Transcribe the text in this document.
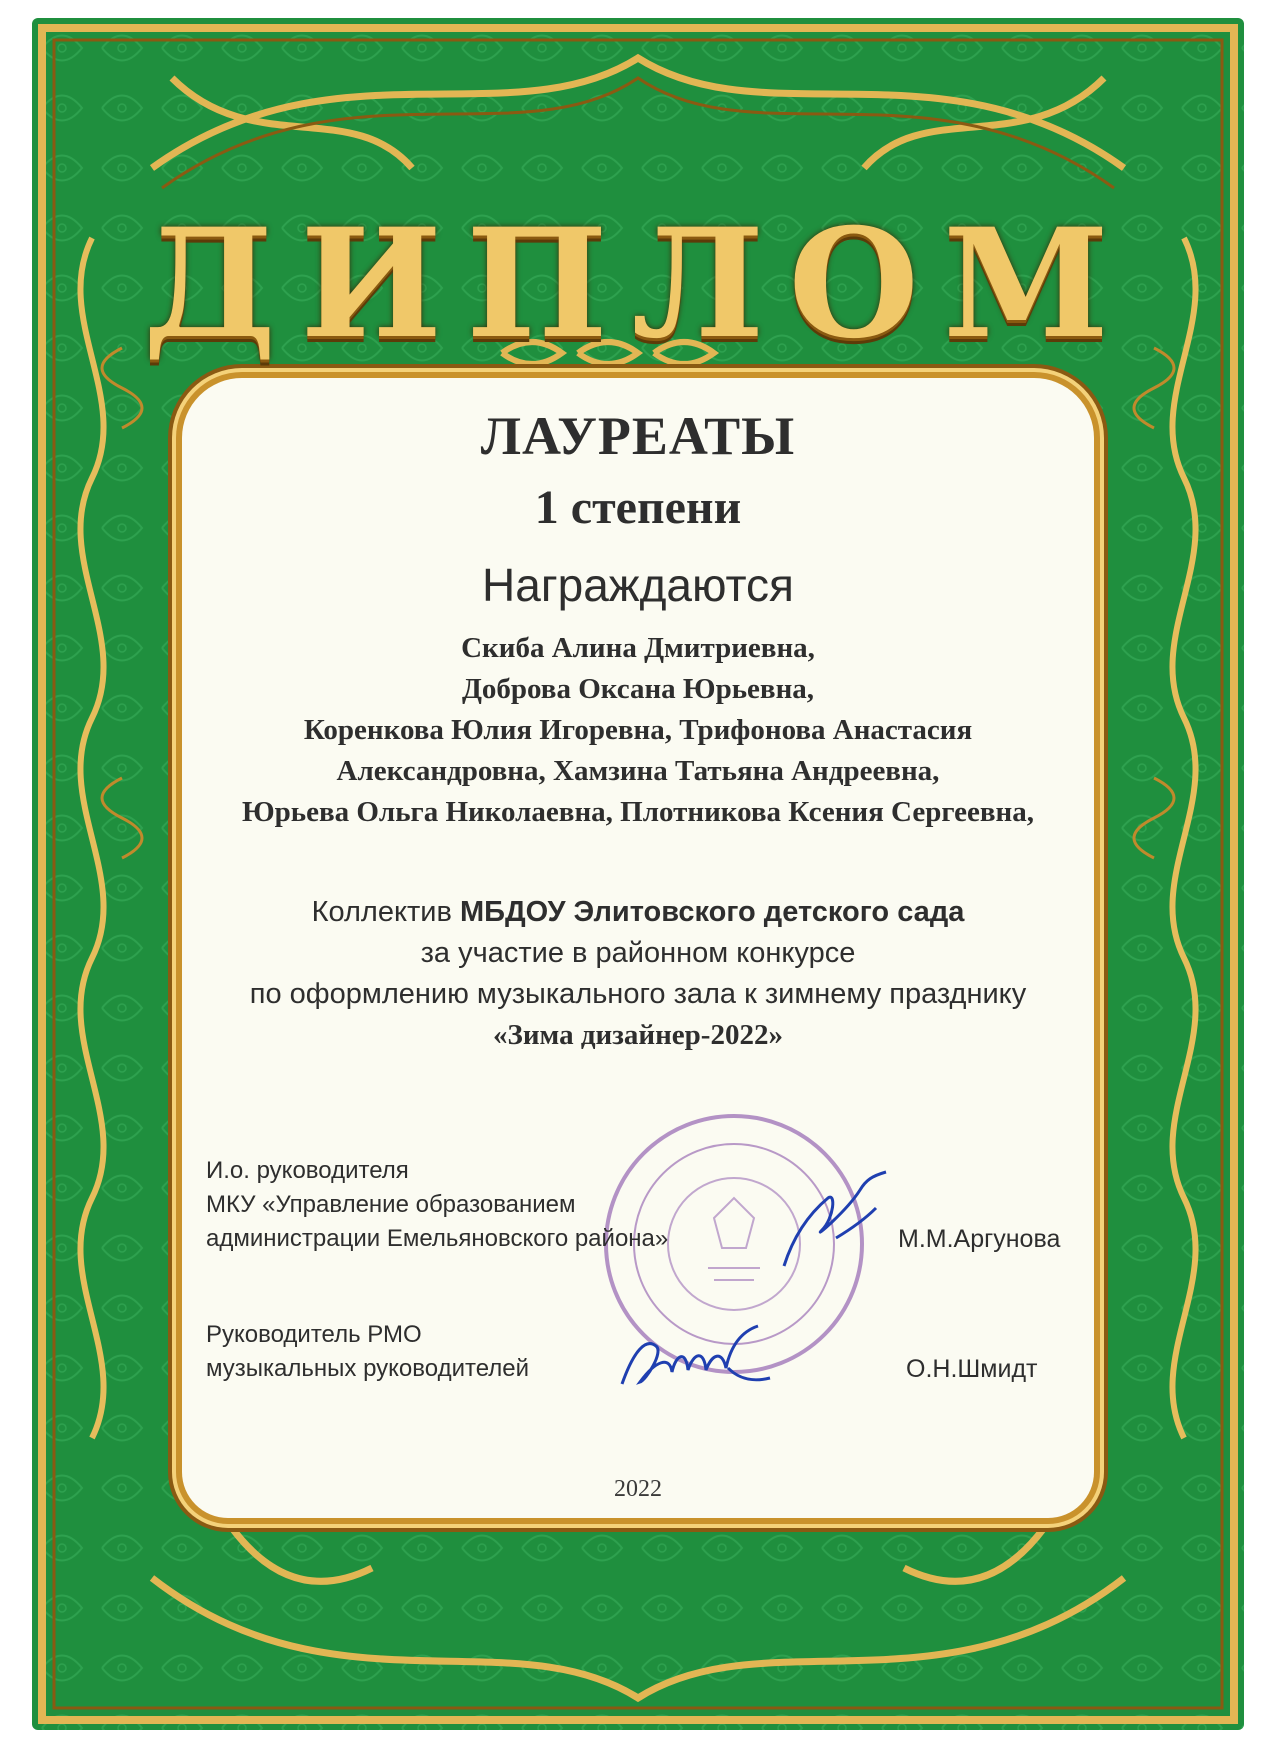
ДИПЛОМ
ЛАУРЕАТЫ
1 степени
Награждаются
Скиба Алина Дмитриевна,
Доброва Оксана Юрьевна,
Коренкова Юлия Игоревна, Трифонова Анастасия
Александровна, Хамзина Татьяна Андреевна,
Юрьева Ольга Николаевна, Плотникова Ксения Сергеевна,
Коллектив МБДОУ Элитовского детского сада
за участие в районном конкурсе
по оформлению музыкального зала к зимнему празднику
«Зима дизайнер-2022»
И.о. руководителя
МКУ «Управление образованием
администрации Емельяновского района»	М.М.Аргунова
Руководитель РМО
музыкальных руководителей	О.Н.Шмидт
2022
